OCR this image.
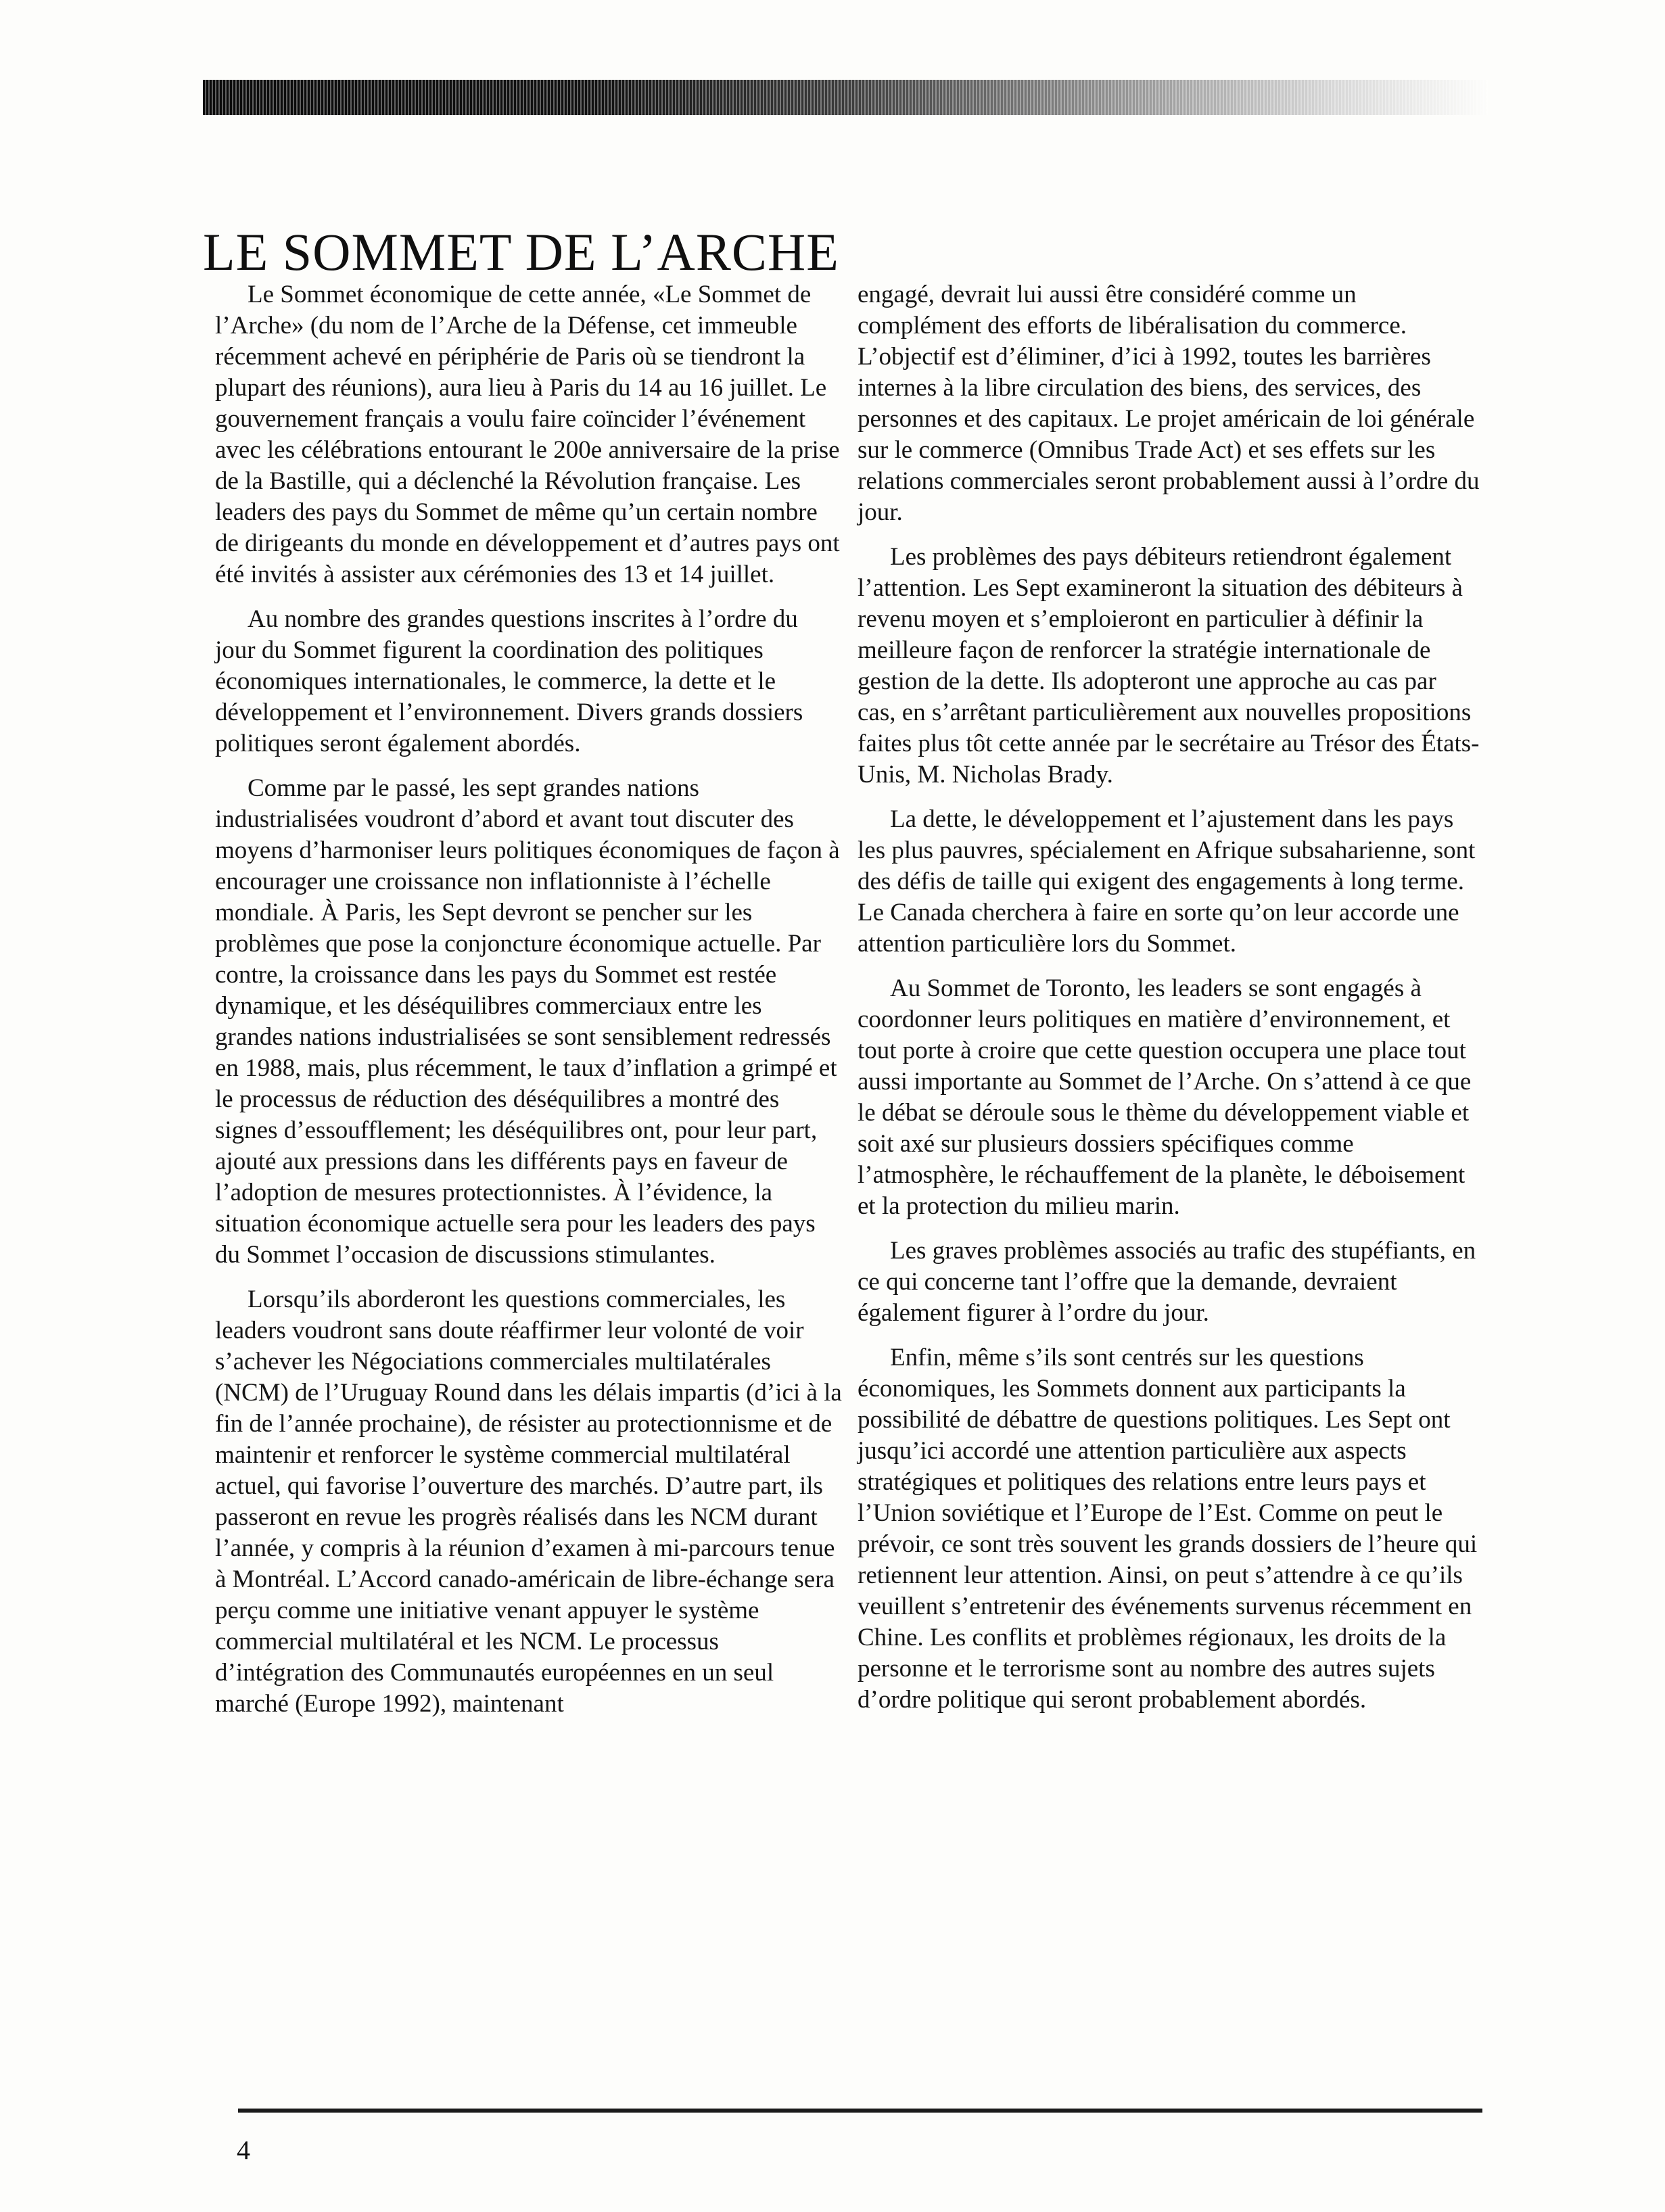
LE SOMMET DE L’ARCHE

Le Sommet économique de cette année, «Le Sommet de l’Arche» (du nom de l’Arche de la Défense, cet immeuble récemment achevé en périphérie de Paris où se tiendront la plupart des réunions), aura lieu à Paris du 14 au 16 juillet. Le gouvernement français a voulu faire coïncider l’événement avec les célébrations entourant le 200e anniversaire de la prise de la Bastille, qui a déclenché la Révolution française. Les leaders des pays du Sommet de même qu’un certain nombre de dirigeants du monde en développement et d’autres pays ont été invités à assister aux cérémonies des 13 et 14 juillet.

Au nombre des grandes questions inscrites à l’ordre du jour du Sommet figurent la coordination des politiques économiques internationales, le commerce, la dette et le développement et l’environnement. Divers grands dossiers politiques seront également abordés.

Comme par le passé, les sept grandes nations industrialisées voudront d’abord et avant tout discuter des moyens d’harmoniser leurs politiques économiques de façon à encourager une croissance non inflationniste à l’échelle mondiale. À Paris, les Sept devront se pencher sur les problèmes que pose la conjoncture économique actuelle. Par contre, la croissance dans les pays du Sommet est restée dynamique, et les déséquilibres commerciaux entre les grandes nations industrialisées se sont sensiblement redressés en 1988, mais, plus récemment, le taux d’inflation a grimpé et le processus de réduction des déséquilibres a montré des signes d’essoufflement; les déséquilibres ont, pour leur part, ajouté aux pressions dans les différents pays en faveur de l’adoption de mesures protectionnistes. À l’évidence, la situation économique actuelle sera pour les leaders des pays du Sommet l’occasion de discussions stimulantes.

Lorsqu’ils aborderont les questions commerciales, les leaders voudront sans doute réaffirmer leur volonté de voir s’achever les Négociations commerciales multilatérales (NCM) de l’Uruguay Round dans les délais impartis (d’ici à la fin de l’année prochaine), de résister au protectionnisme et de maintenir et renforcer le système commercial multilatéral actuel, qui favorise l’ouverture des marchés. D’autre part, ils passeront en revue les progrès réalisés dans les NCM durant l’année, y compris à la réunion d’examen à mi-parcours tenue à Montréal. L’Accord canado-américain de libre-échange sera perçu comme une initiative venant appuyer le système commercial multilatéral et les NCM. Le processus d’intégration des Communautés européennes en un seul marché (Europe 1992), maintenant

engagé, devrait lui aussi être considéré comme un complément des efforts de libéralisation du commerce. L’objectif est d’éliminer, d’ici à 1992, toutes les barrières internes à la libre circulation des biens, des services, des personnes et des capitaux. Le projet américain de loi générale sur le commerce (Omnibus Trade Act) et ses effets sur les relations commerciales seront probablement aussi à l’ordre du jour.

Les problèmes des pays débiteurs retiendront également l’attention. Les Sept examineront la situation des débiteurs à revenu moyen et s’emploieront en particulier à définir la meilleure façon de renforcer la stratégie internationale de gestion de la dette. Ils adopteront une approche au cas par cas, en s’arrêtant particulièrement aux nouvelles propositions faites plus tôt cette année par le secrétaire au Trésor des États-Unis, M. Nicholas Brady.

La dette, le développement et l’ajustement dans les pays les plus pauvres, spécialement en Afrique subsaharienne, sont des défis de taille qui exigent des engagements à long terme. Le Canada cherchera à faire en sorte qu’on leur accorde une attention particulière lors du Sommet.

Au Sommet de Toronto, les leaders se sont engagés à coordonner leurs politiques en matière d’environnement, et tout porte à croire que cette question occupera une place tout aussi importante au Sommet de l’Arche. On s’attend à ce que le débat se déroule sous le thème du développement viable et soit axé sur plusieurs dossiers spécifiques comme l’atmosphère, le réchauffement de la planète, le déboisement et la protection du milieu marin.

Les graves problèmes associés au trafic des stupéfiants, en ce qui concerne tant l’offre que la demande, devraient également figurer à l’ordre du jour.

Enfin, même s’ils sont centrés sur les questions économiques, les Sommets donnent aux participants la possibilité de débattre de questions politiques. Les Sept ont jusqu’ici accordé une attention particulière aux aspects stratégiques et politiques des relations entre leurs pays et l’Union soviétique et l’Europe de l’Est. Comme on peut le prévoir, ce sont très souvent les grands dossiers de l’heure qui retiennent leur attention. Ainsi, on peut s’attendre à ce qu’ils veuillent s’entretenir des événements survenus récemment en Chine. Les conflits et problèmes régionaux, les droits de la personne et le terrorisme sont au nombre des autres sujets d’ordre politique qui seront probablement abordés.

4
